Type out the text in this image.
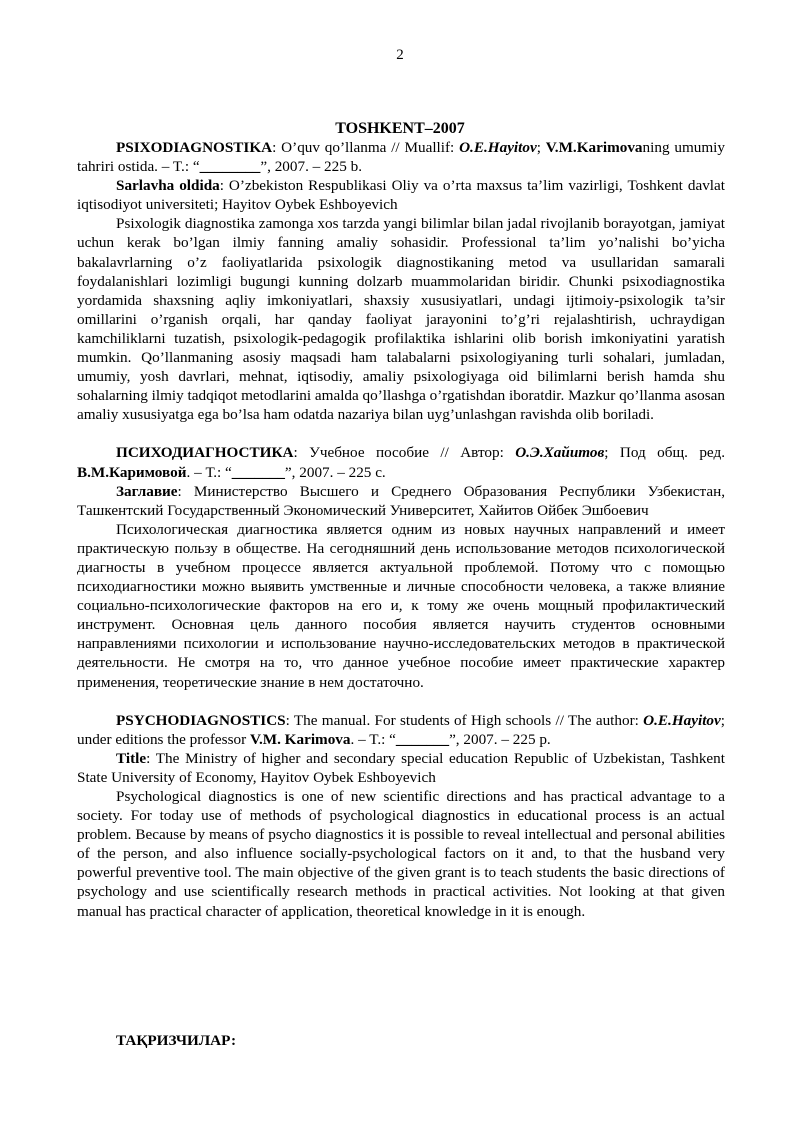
2
TOSHKENT–2007

PSIXODIAGNOSTIKA: O’quv qo’llanma // Muallif: O.E.Hayitov; V.M.Karimovaning umumiy tahriri ostida. – T.: “________”, 2007. – 225 b.

Sarlavha oldida: O’zbekiston Respublikasi Oliy va o’rta maxsus ta’lim vazirligi, Toshkent davlat iqtisodiyot universiteti; Hayitov Oybek Eshboyevich

Psixologik diagnostika zamonga xos tarzda yangi bilimlar bilan jadal rivojlanib borayotgan, jamiyat uchun kerak bo’lgan ilmiy fanning amaliy sohasidir. Professional ta’lim yo’nalishi bo’yicha bakalavrlarning o’z faoliyatlarida psixologik diagnostikaning metod va usullaridan samarali foydalanishlari lozimligi bugungi kunning dolzarb muammolaridan biridir. Chunki psixodiagnostika yordamida shaxsning aqliy imkoniyatlari, shaxsiy xususiyatlari, undagi ijtimoiy-psixologik ta’sir omillarini o’rganish orqali, har qanday faoliyat jarayonini to’g’ri rejalashtirish, uchraydigan kamchiliklarni tuzatish, psixologik-pedagogik profilaktika ishlarini olib borish imkoniyatini yaratish mumkin. Qo’llanmaning asosiy maqsadi ham talabalarni psixologiyaning turli sohalari, jumladan, umumiy, yosh davrlari, mehnat, iqtisodiy, amaliy psixologiyaga oid bilimlarni berish hamda shu sohalarning ilmiy tadqiqot metodlarini amalda qo’llashga o’rgatishdan iboratdir. Mazkur qo’llanma asosan amaliy xususiyatga ega bo’lsa ham odatda nazariya bilan uyg’unlashgan ravishda olib boriladi.

ПСИХОДИАГНОСТИКА: Учебное пособие // Автор: О.Э.Хайитов; Под общ. ред. В.М.Каримовой. – Т.: “_______”, 2007. – 225 с.

Заглавие: Министерство Высшего и Среднего Образования Республики Узбекистан, Ташкентский Государственный Экономический Университет, Хайитов Ойбек Эшбоевич

Психологическая диагностика является одним из новых научных направлений и имеет практическую пользу в обществе. На сегодняшний день использование методов психологической диагносты в учебном процессе является актуальной проблемой. Потому что с помощью психодиагностики можно выявить умственные и личные способности человека, а также влияние социально-психологические факторов на его и, к тому же очень мощный профилактический инструмент. Основная цель данного пособия является научить студентов основными направлениями психологии и использование научно-исследовательских методов в практической деятельности. Не смотря на то, что данное учебное пособие имеет практические характер применения, теоретические знание в нем достаточно.

PSYCHODIAGNOSTICS: The manual. For students of High schools // The author: O.E.Hayitov; under editions the professor V.M. Karimova. – T.: “_______”, 2007. – 225 p.

Title: The Ministry of higher and secondary special education Republic of Uzbekistan, Tashkent State University of Economy, Hayitov Oybek Eshboyevich

Psychological diagnostics is one of new scientific directions and has practical advantage to a society. For today use of methods of psychological diagnostics in educational process is an actual problem. Because by means of psycho diagnostics it is possible to reveal intellectual and personal abilities of the person, and also influence socially-psychological factors on it and, to that the husband very powerful preventive tool. The main objective of the given grant is to teach students the basic directions of psychology and use scientifically research methods in practical activities. Not looking at that given manual has practical character of application, theoretical knowledge in it is enough.

ТАҚРИЗЧИЛАР:
